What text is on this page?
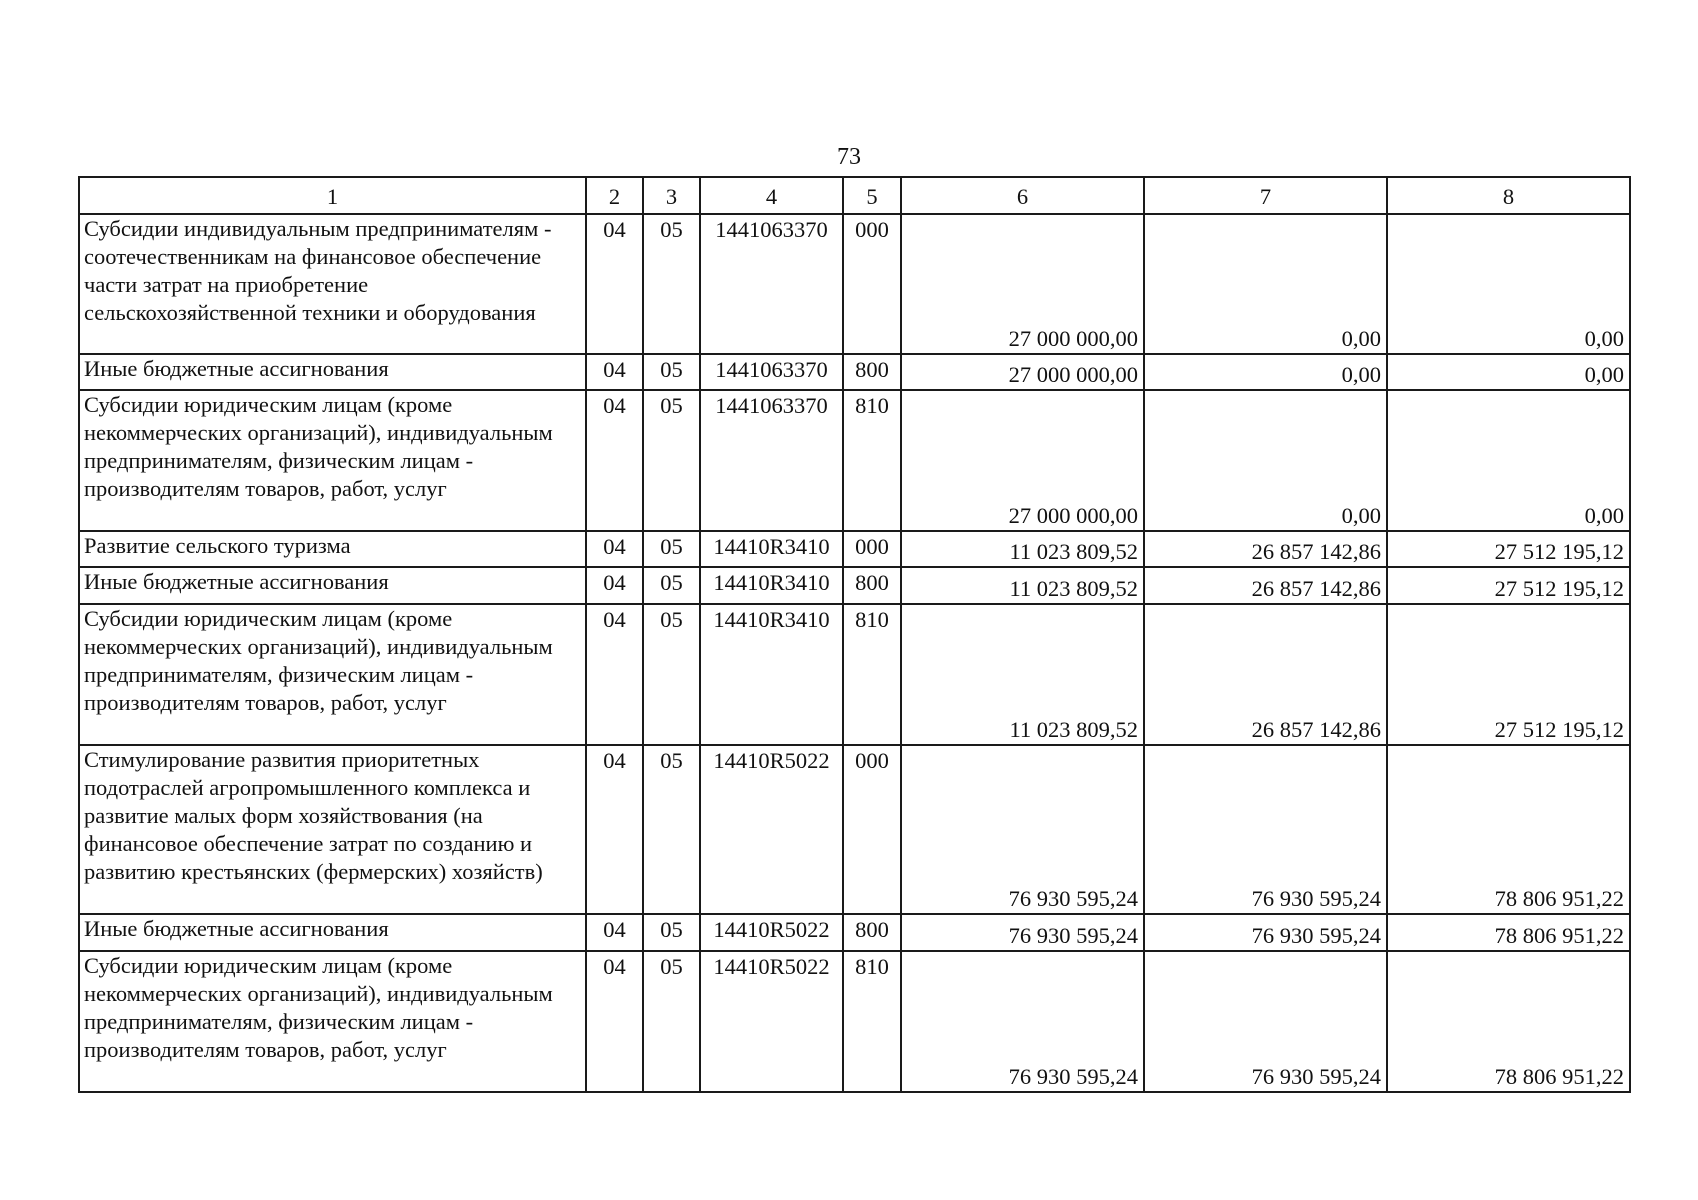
73
1	2	3	4	5	6	7	8
Субсидии индивидуальным предпринимателям - соотечественникам на финансовое обеспечение части затрат на приобретение сельскохозяйственной техники и оборудования	04	05	1441063370	000	27 000 000,00	0,00	0,00
Иные бюджетные ассигнования	04	05	1441063370	800	27 000 000,00	0,00	0,00
Субсидии юридическим лицам (кроме некоммерческих организаций), индивидуальным предпринимателям, физическим лицам - производителям товаров, работ, услуг	04	05	1441063370	810	27 000 000,00	0,00	0,00
Развитие сельского туризма	04	05	14410R3410	000	11 023 809,52	26 857 142,86	27 512 195,12
Иные бюджетные ассигнования	04	05	14410R3410	800	11 023 809,52	26 857 142,86	27 512 195,12
Субсидии юридическим лицам (кроме некоммерческих организаций), индивидуальным предпринимателям, физическим лицам - производителям товаров, работ, услуг	04	05	14410R3410	810	11 023 809,52	26 857 142,86	27 512 195,12
Стимулирование развития приоритетных подотраслей агропромышленного комплекса и развитие малых форм хозяйствования (на финансовое обеспечение затрат по созданию и развитию крестьянских (фермерских) хозяйств)	04	05	14410R5022	000	76 930 595,24	76 930 595,24	78 806 951,22
Иные бюджетные ассигнования	04	05	14410R5022	800	76 930 595,24	76 930 595,24	78 806 951,22
Субсидии юридическим лицам (кроме некоммерческих организаций), индивидуальным предпринимателям, физическим лицам - производителям товаров, работ, услуг	04	05	14410R5022	810	76 930 595,24	76 930 595,24	78 806 951,22
